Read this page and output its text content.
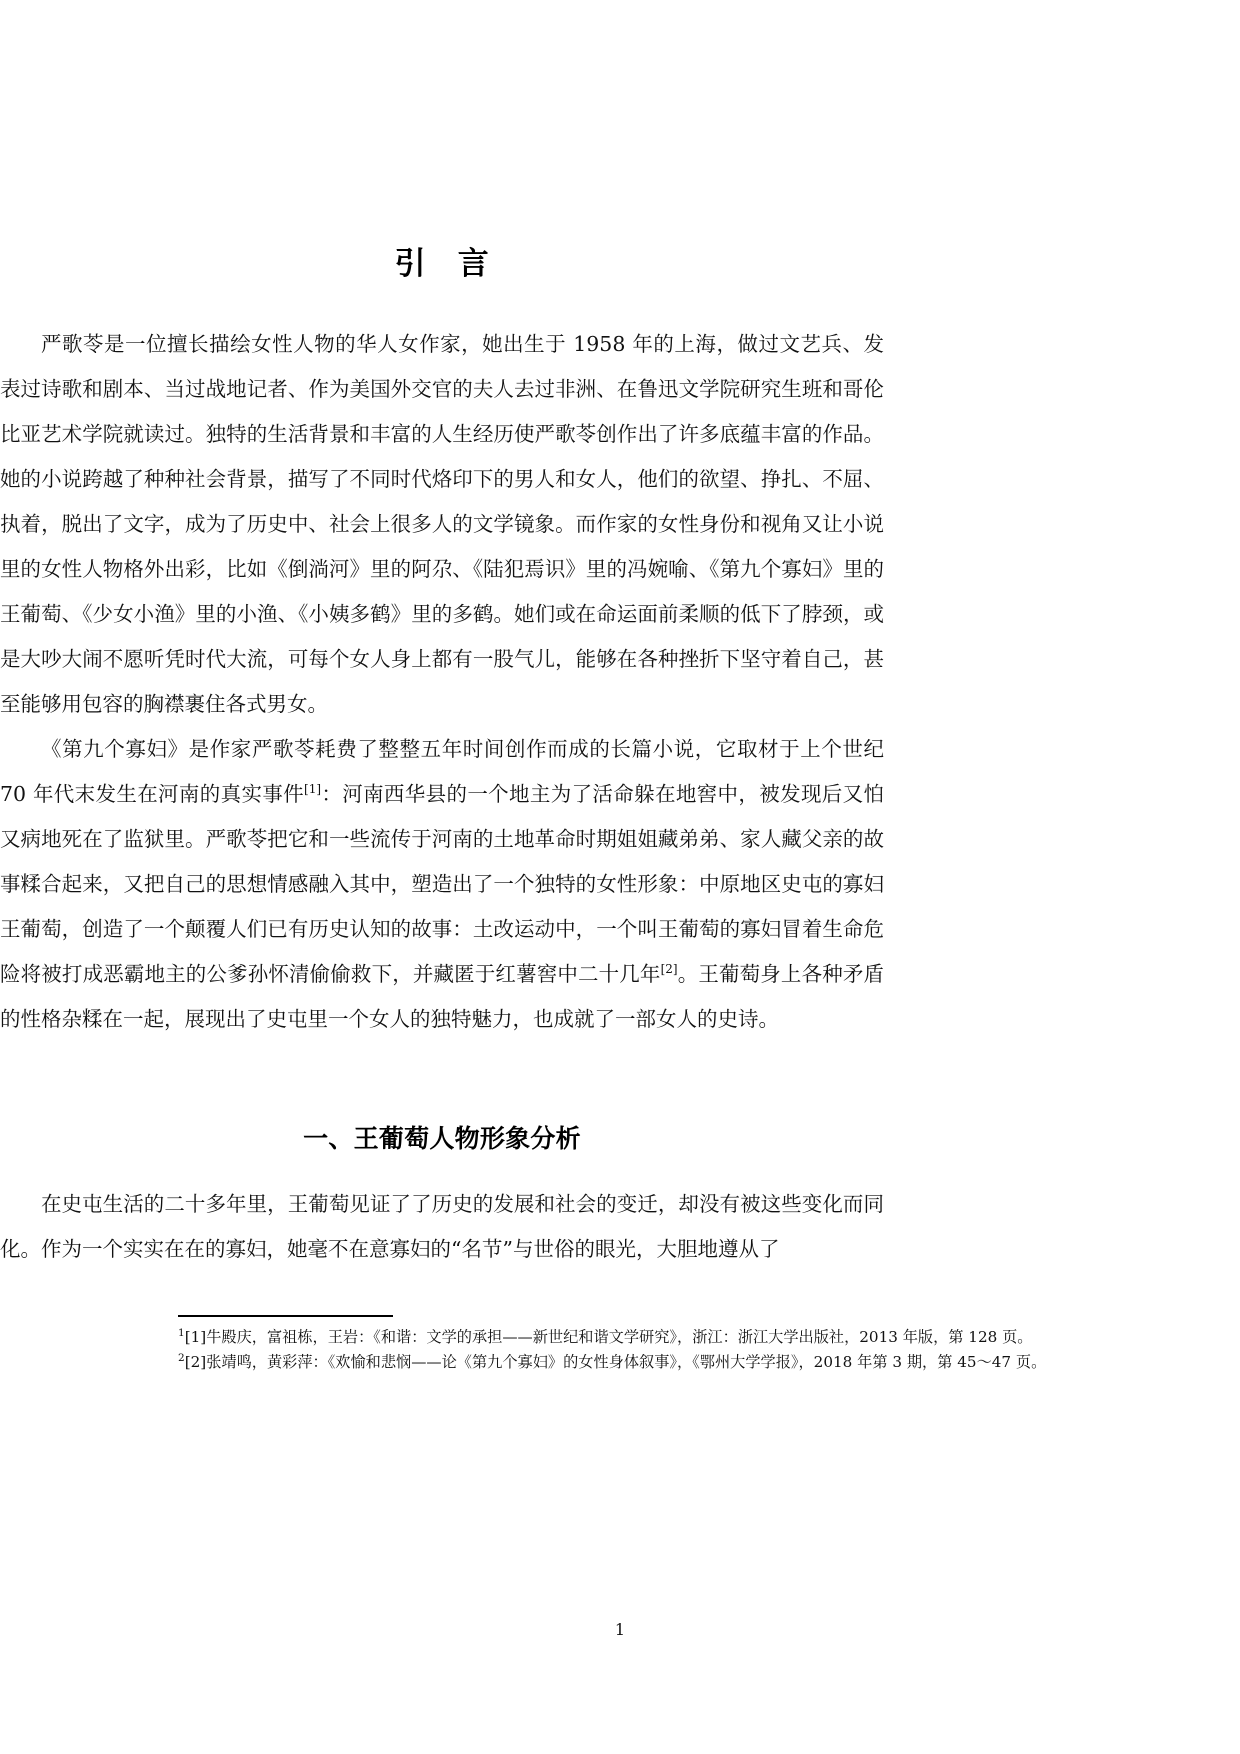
引　言

严歌苓是一位擅长描绘女性人物的华人女作家，她出生于 1958 年的上海，做过文艺兵、发表过诗歌和剧本、当过战地记者、作为美国外交官的夫人去过非洲、在鲁迅文学院研究生班和哥伦比亚艺术学院就读过。独特的生活背景和丰富的人生经历使严歌苓创作出了许多底蕴丰富的作品。她的小说跨越了种种社会背景，描写了不同时代烙印下的男人和女人，他们的欲望、挣扎、不屈、执着，脱出了文字，成为了历史中、社会上很多人的文学镜象。而作家的女性身份和视角又让小说里的女性人物格外出彩，比如《倒淌河》里的阿尕、《陆犯焉识》里的冯婉喻、《第九个寡妇》里的王葡萄、《少女小渔》里的小渔、《小姨多鹤》里的多鹤。她们或在命运面前柔顺的低下了脖颈，或是大吵大闹不愿听凭时代大流，可每个女人身上都有一股气儿，能够在各种挫折下坚守着自己，甚至能够用包容的胸襟裹住各式男女。

《第九个寡妇》是作家严歌苓耗费了整整五年时间创作而成的长篇小说，它取材于上个世纪 70 年代末发生在河南的真实事件[1]：河南西华县的一个地主为了活命躲在地窖中，被发现后又怕又病地死在了监狱里。严歌苓把它和一些流传于河南的土地革命时期姐姐藏弟弟、家人藏父亲的故事糅合起来，又把自己的思想情感融入其中，塑造出了一个独特的女性形象：中原地区史屯的寡妇王葡萄，创造了一个颠覆人们已有历史认知的故事：土改运动中，一个叫王葡萄的寡妇冒着生命危险将被打成恶霸地主的公爹孙怀清偷偷救下，并藏匿于红薯窖中二十几年[2]。王葡萄身上各种矛盾的性格杂糅在一起，展现出了史屯里一个女人的独特魅力，也成就了一部女人的史诗。

一、王葡萄人物形象分析

在史屯生活的二十多年里，王葡萄见证了了历史的发展和社会的变迁，却没有被这些变化而同化。作为一个实实在在的寡妇，她毫不在意寡妇的“名节”与世俗的眼光，大胆地遵从了

$^1$[1]牛殿庆，富祖栋，王岩：《和谐：文学的承担——新世纪和谐文学研究》，浙江：浙江大学出版社，2013 年版，第 128 页。

$^2$[2]张靖鸣，黄彩萍：《欢愉和悲悯——论《第九个寡妇》的女性身体叙事》，《鄂州大学学报》，2018 年第 3 期，第 45～47 页。

1
